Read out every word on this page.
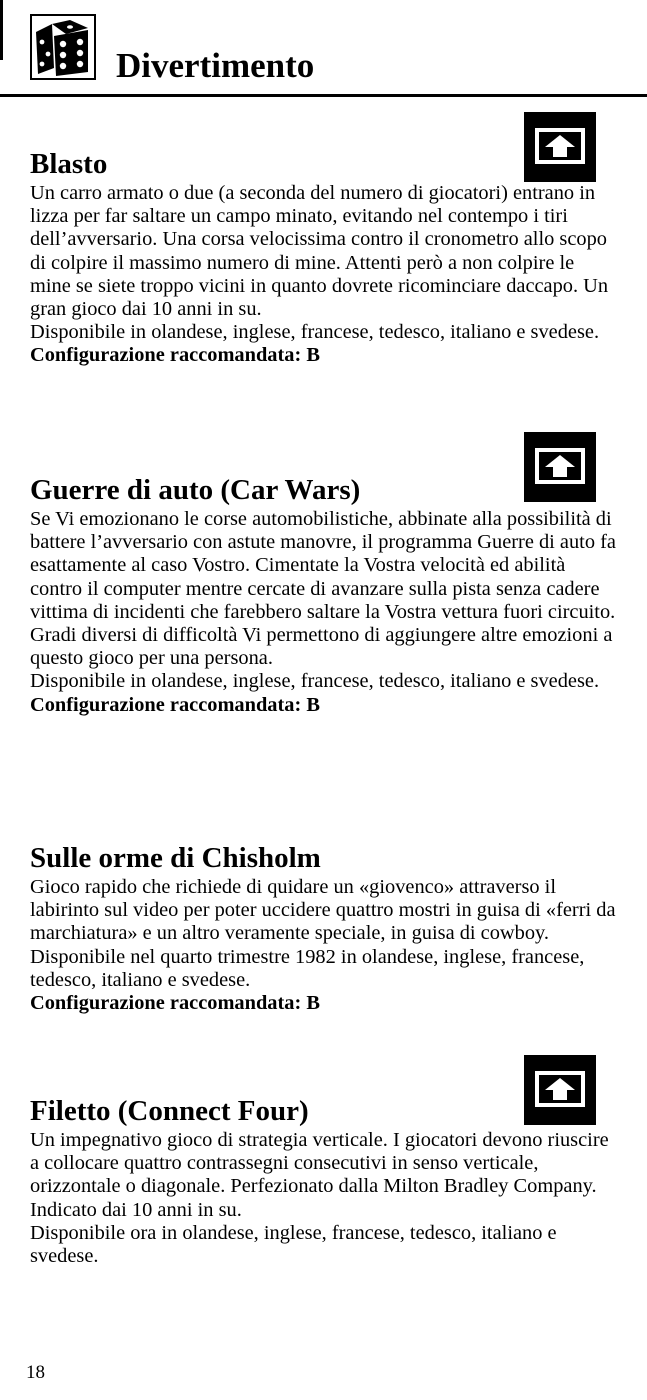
Divertimento
Blasto

Un carro armato o due (a seconda del numero di giocatori) entrano in lizza per far saltare un campo minato, evitando nel contempo i tiri dell’avversario. Una corsa velocissima contro il cronometro allo scopo di colpire il massimo numero di mine. Attenti però a non colpire le mine se siete troppo vicini in quanto dovrete ricominciare daccapo. Un gran gioco dai 10 anni in su.

Disponibile in olandese, inglese, francese, tedesco, italiano e svedese.

Configurazione raccomandata: B

Guerre di auto (Car Wars)

Se Vi emozionano le corse automobilistiche, abbinate alla possibilità di battere l’avversario con astute manovre, il programma Guerre di auto fa esattamente al caso Vostro. Cimentate la Vostra velocità ed abilità contro il computer mentre cercate di avanzare sulla pista senza cadere vittima di incidenti che farebbero saltare la Vostra vettura fuori circuito.

Gradi diversi di difficoltà Vi permettono di aggiungere altre emozioni a questo gioco per una persona.

Disponibile in olandese, inglese, francese, tedesco, italiano e svedese.

Configurazione raccomandata: B

Sulle orme di Chisholm

Gioco rapido che richiede di quidare un «giovenco» attraverso il labirinto sul video per poter uccidere quattro mostri in guisa di «ferri da marchiatura» e un altro veramente speciale, in guisa di cowboy.

Disponibile nel quarto trimestre 1982 in olandese, inglese, francese, tedesco, italiano e svedese.

Configurazione raccomandata: B

Filetto (Connect Four)

Un impegnativo gioco di strategia verticale. I giocatori devono riuscire a collocare quattro contrassegni consecutivi in senso verticale, orizzontale o diagonale. Perfezionato dalla Milton Bradley Company. Indicato dai 10 anni in su.

Disponibile ora in olandese, inglese, francese, tedesco, italiano e svedese.

18
